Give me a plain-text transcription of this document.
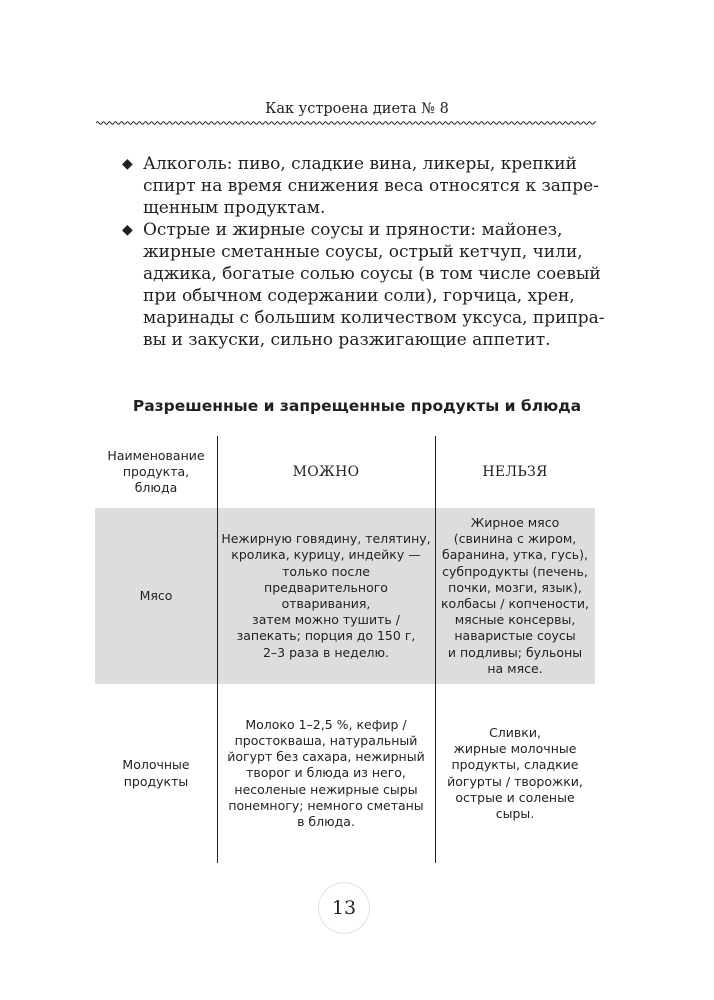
Как устроена диета № 8
◆ Алкоголь: пиво, сладкие вина, ликеры, крепкий
спирт на время снижения веса относятся к запре-
щенным продуктам.
◆ Острые и жирные соусы и пряности: майонез,
жирные сметанные соусы, острый кетчуп, чили,
аджика, богатые солью соусы (в том числе соевый
при обычном содержании соли), горчица, хрен,
маринады с большим количеством уксуса, припра-
вы и закуски, сильно разжигающие аппетит.
Разрешенные и запрещенные продукты и блюда
Наименование
продукта,
блюда
МОЖНО	НЕЛЬЗЯ
Мясо
Нежирную говядину, телятину,
кролика, курицу, индейку —
только после
предварительного
отваривания,
затем можно тушить /
запекать; порция до 150 г,
2–3 раза в неделю.
Жирное мясо
(свинина с жиром,
баранина, утка, гусь),
субпродукты (печень,
почки, мозги, язык),
колбасы / копчености,
мясные консервы,
наваристые соусы
и подливы; бульоны
на мясе.
Молочные
продукты
Молоко 1–2,5 %, кефир /
простокваша, натуральный
йогурт без сахара, нежирный
творог и блюда из него,
несоленые нежирные сыры
понемногу; немного сметаны
в блюда.
Сливки,
жирные молочные
продукты, сладкие
йогурты / творожки,
острые и соленые
сыры.
13
